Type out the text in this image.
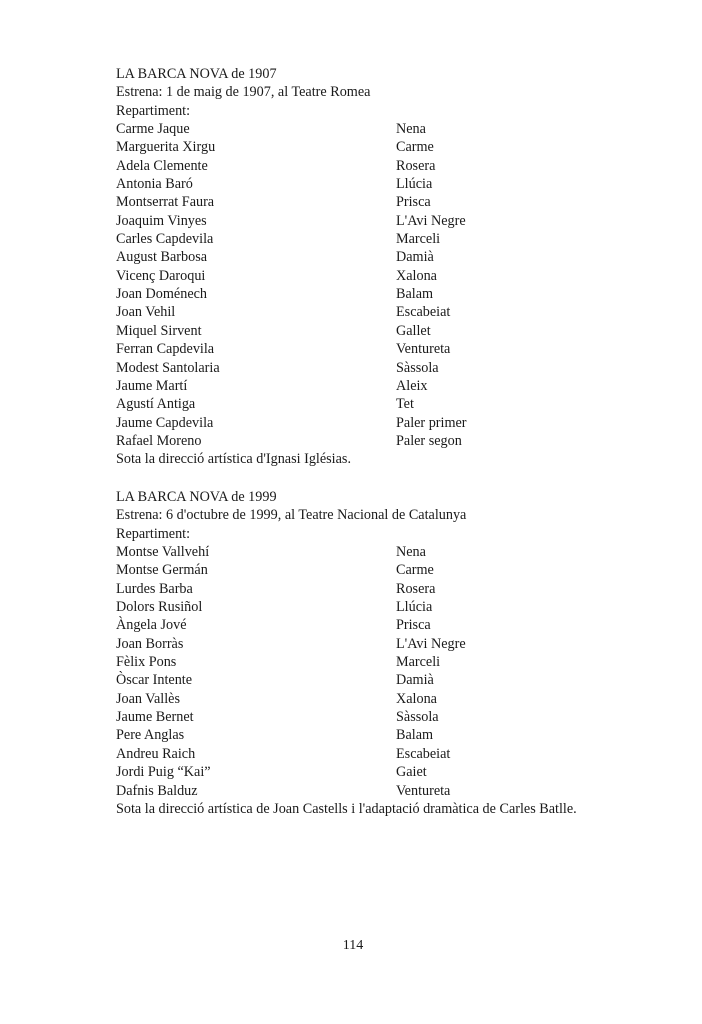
LA BARCA NOVA de 1907
Estrena: 1 de maig de 1907, al Teatre Romea
Repartiment:
Carme Jaque	Nena
Marguerita Xirgu	Carme
Adela Clemente	Rosera
Antonia Baró	Llúcia
Montserrat Faura	Prisca
Joaquim Vinyes	L'Avi Negre
Carles Capdevila	Marceli
August Barbosa	Damià
Vicenç Daroqui	Xalona
Joan Doménech	Balam
Joan Vehil	Escabeiat
Miquel Sirvent	Gallet
Ferran Capdevila	Ventureta
Modest Santolaria	Sàssola
Jaume Martí	Aleix
Agustí Antiga	Tet
Jaume Capdevila	Paler primer
Rafael Moreno	Paler segon
Sota la direcció artística d'Ignasi Iglésias.
LA BARCA NOVA de 1999
Estrena: 6 d'octubre de 1999, al Teatre Nacional de Catalunya
Repartiment:
Montse Vallvehí	Nena
Montse Germán	Carme
Lurdes Barba	Rosera
Dolors Rusiñol	Llúcia
Àngela Jové	Prisca
Joan Borràs	L'Avi Negre
Fèlix Pons	Marceli
Òscar Intente	Damià
Joan Vallès	Xalona
Jaume Bernet	Sàssola
Pere Anglas	Balam
Andreu Raich	Escabeiat
Jordi Puig “Kai”	Gaiet
Dafnis Balduz	Ventureta
Sota la direcció artística de Joan Castells i l'adaptació dramàtica de Carles Batlle.
114
